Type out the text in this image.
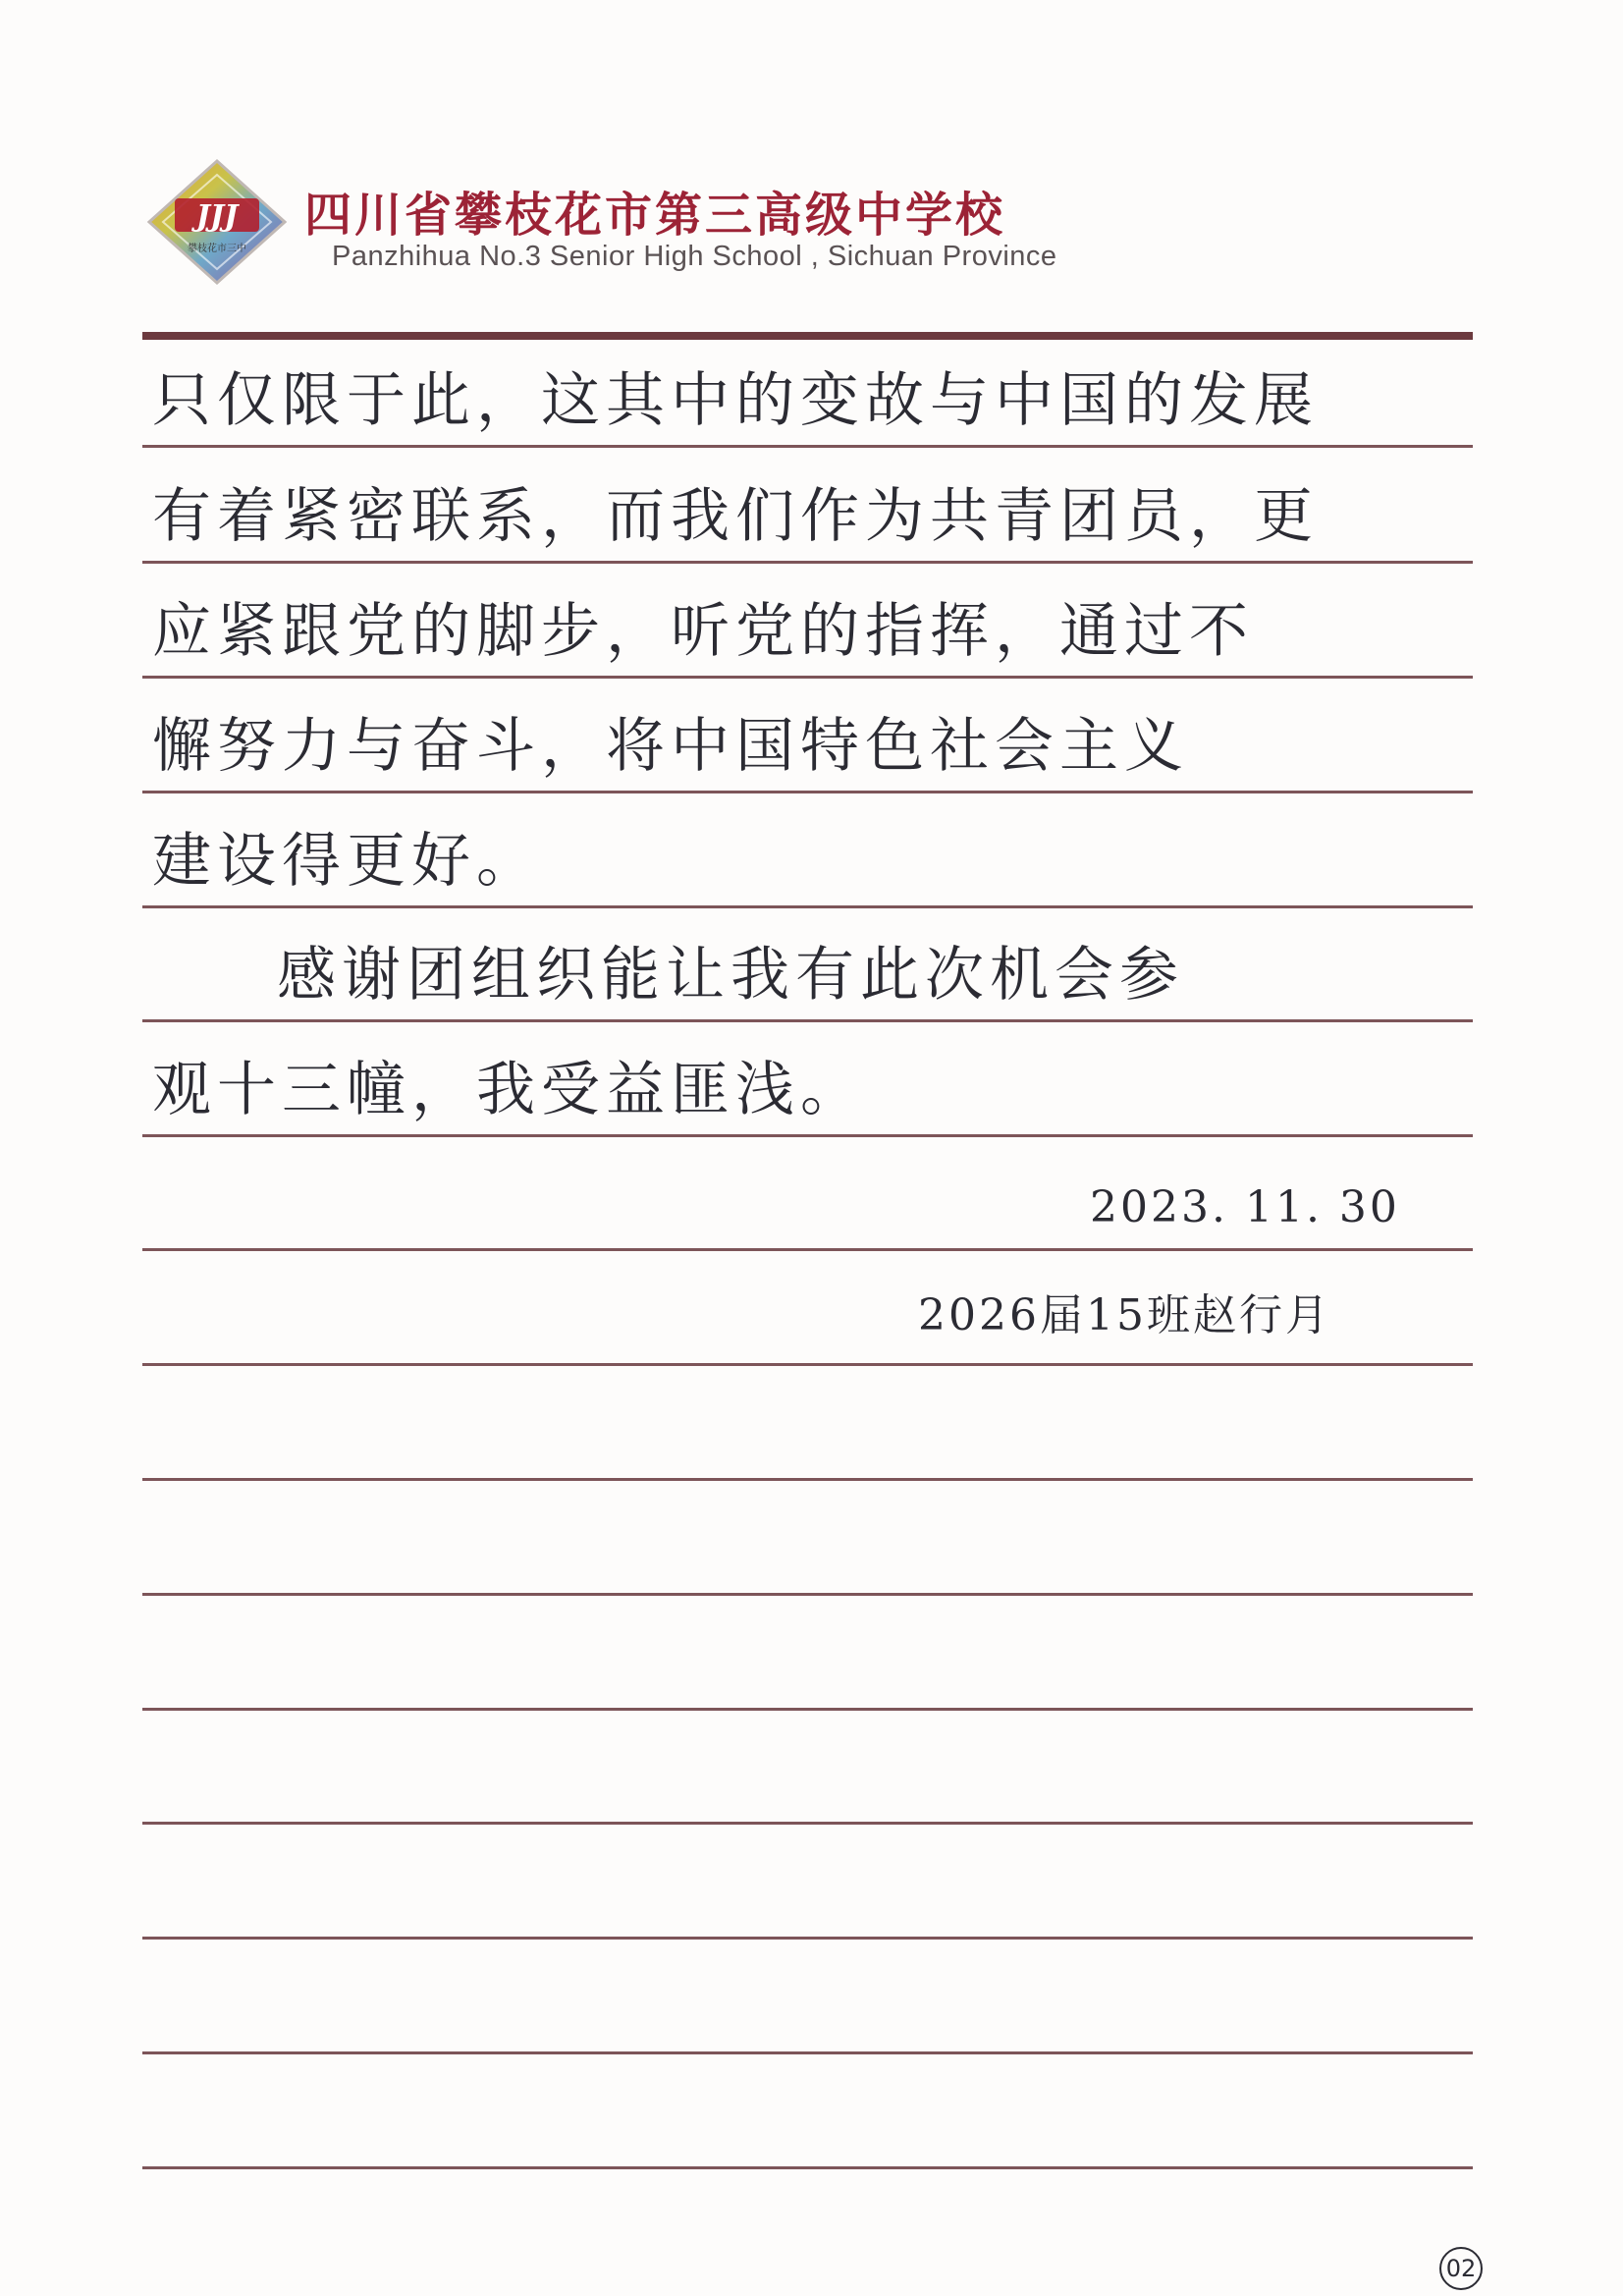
JJJ
攀枝花市三中
四川省攀枝花市第三高级中学校
Panzhihua No.3 Senior High School , Sichuan Province
只仅限于此，这其中的变故与中国的发展
有着紧密联系，而我们作为共青团员，更
应紧跟党的脚步，听党的指挥，通过不
懈努力与奋斗，将中国特色社会主义
建设得更好。
感谢团组织能让我有此次机会参
观十三幢，我受益匪浅。
2023. 11. 30
2026届15班赵行月
02
